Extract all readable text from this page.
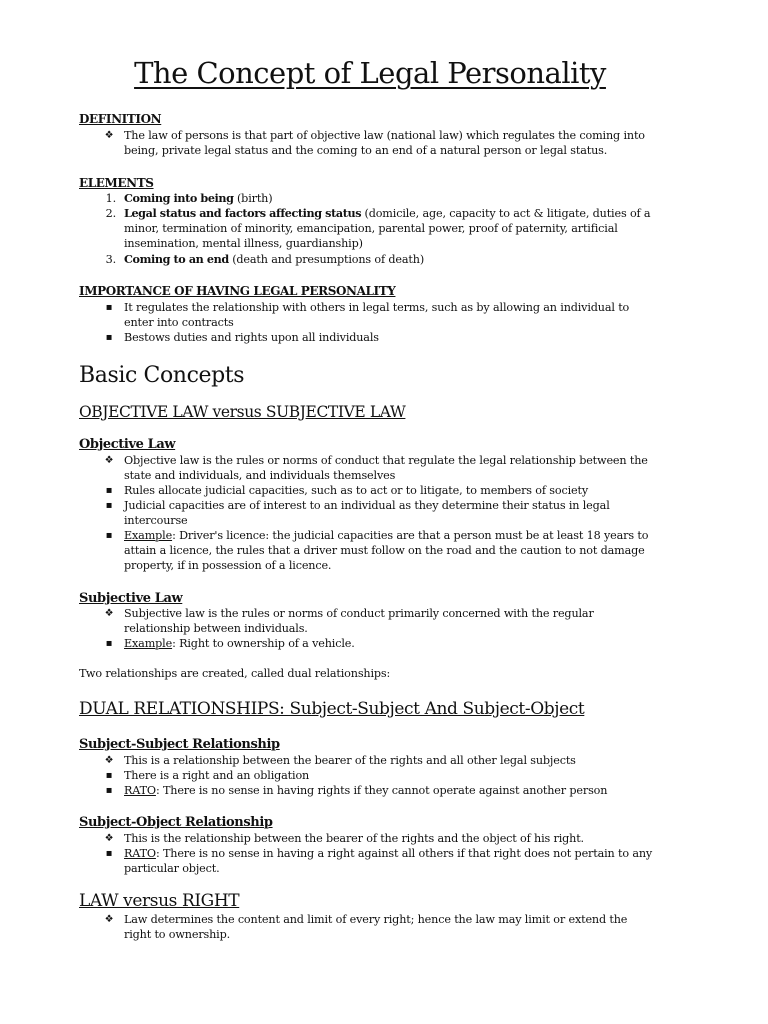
The Concept of Legal Personality
DEFINITION
❖ The law of persons is that part of objective law (national law) which regulates the coming into being, private legal status and the coming to an end of a natural person or legal status.
ELEMENTS
1. Coming into being (birth)
2. Legal status and factors affecting status (domicile, age, capacity to act & litigate, duties of a minor, termination of minority, emancipation, parental power, proof of paternity, artificial insemination, mental illness, guardianship)
3. Coming to an end (death and presumptions of death)
IMPORTANCE OF HAVING LEGAL PERSONALITY
▪	It regulates the relationship with others in legal terms, such as by allowing an individual to enter into contracts
▪	Bestows duties and rights upon all individuals
Basic Concepts
OBJECTIVE LAW versus SUBJECTIVE LAW
Objective Law
❖ Objective law is the rules or norms of conduct that regulate the legal relationship between the state and individuals, and individuals themselves
▪	Rules allocate judicial capacities, such as to act or to litigate, to members of society
▪	Judicial capacities are of interest to an individual as they determine their status in legal intercourse
▪	Example: Driver's licence: the judicial capacities are that a person must be at least 18 years to attain a licence, the rules that a driver must follow on the road and the caution to not damage property, if in possession of a licence.
Subjective Law
❖ Subjective law is the rules or norms of conduct primarily concerned with the regular relationship between individuals.
▪	Example: Right to ownership of a vehicle.
Two relationships are created, called dual relationships:
DUAL RELATIONSHIPS: Subject-Subject And Subject-Object
Subject-Subject Relationship
❖ This is a relationship between the bearer of the rights and all other legal subjects
▪	There is a right and an obligation
▪	RATO: There is no sense in having rights if they cannot operate against another person
Subject-Object Relationship
❖ This is the relationship between the bearer of the rights and the object of his right.
▪	RATO: There is no sense in having a right against all others if that right does not pertain to any particular object.
LAW versus RIGHT
❖ Law determines the content and limit of every right; hence the law may limit or extend the right to ownership.
